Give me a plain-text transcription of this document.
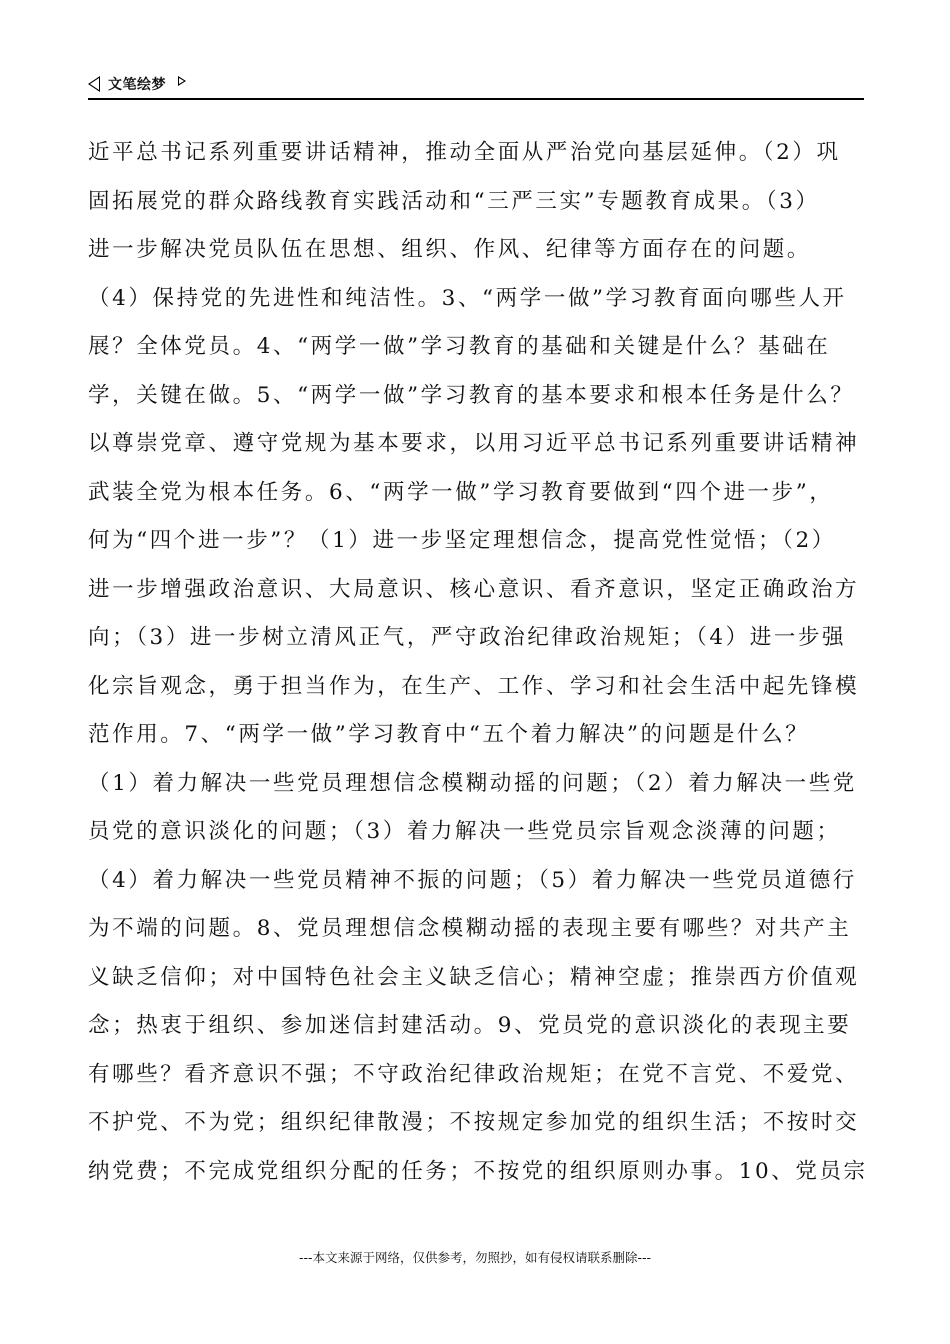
文笔绘梦
近平总书记系列重要讲话精神，推动全面从严治党向基层延伸。（2）巩
固拓展党的群众路线教育实践活动和“三严三实”专题教育成果。（3）
进一步解决党员队伍在思想、组织、作风、纪律等方面存在的问题。
（4）保持党的先进性和纯洁性。3、“两学一做”学习教育面向哪些人开
展？全体党员。4、“两学一做”学习教育的基础和关键是什么？基础在
学，关键在做。5、“两学一做”学习教育的基本要求和根本任务是什么？
以尊崇党章、遵守党规为基本要求，以用习近平总书记系列重要讲话精神
武装全党为根本任务。6、“两学一做”学习教育要做到“四个进一步”，
何为“四个进一步”？（1）进一步坚定理想信念，提高党性觉悟；（2）
进一步增强政治意识、大局意识、核心意识、看齐意识，坚定正确政治方
向；（3）进一步树立清风正气，严守政治纪律政治规矩；（4）进一步强
化宗旨观念，勇于担当作为，在生产、工作、学习和社会生活中起先锋模
范作用。7、“两学一做”学习教育中“五个着力解决”的问题是什么？
（1）着力解决一些党员理想信念模糊动摇的问题；（2）着力解决一些党
员党的意识淡化的问题；（3）着力解决一些党员宗旨观念淡薄的问题；
（4）着力解决一些党员精神不振的问题；（5）着力解决一些党员道德行
为不端的问题。8、党员理想信念模糊动摇的表现主要有哪些？对共产主
义缺乏信仰；对中国特色社会主义缺乏信心；精神空虚；推崇西方价值观
念；热衷于组织、参加迷信封建活动。9、党员党的意识淡化的表现主要
有哪些？看齐意识不强；不守政治纪律政治规矩；在党不言党、不爱党、
不护党、不为党；组织纪律散漫；不按规定参加党的组织生活；不按时交
纳党费；不完成党组织分配的任务；不按党的组织原则办事。10、党员宗
---本文来源于网络，仅供参考，勿照抄，如有侵权请联系删除---
